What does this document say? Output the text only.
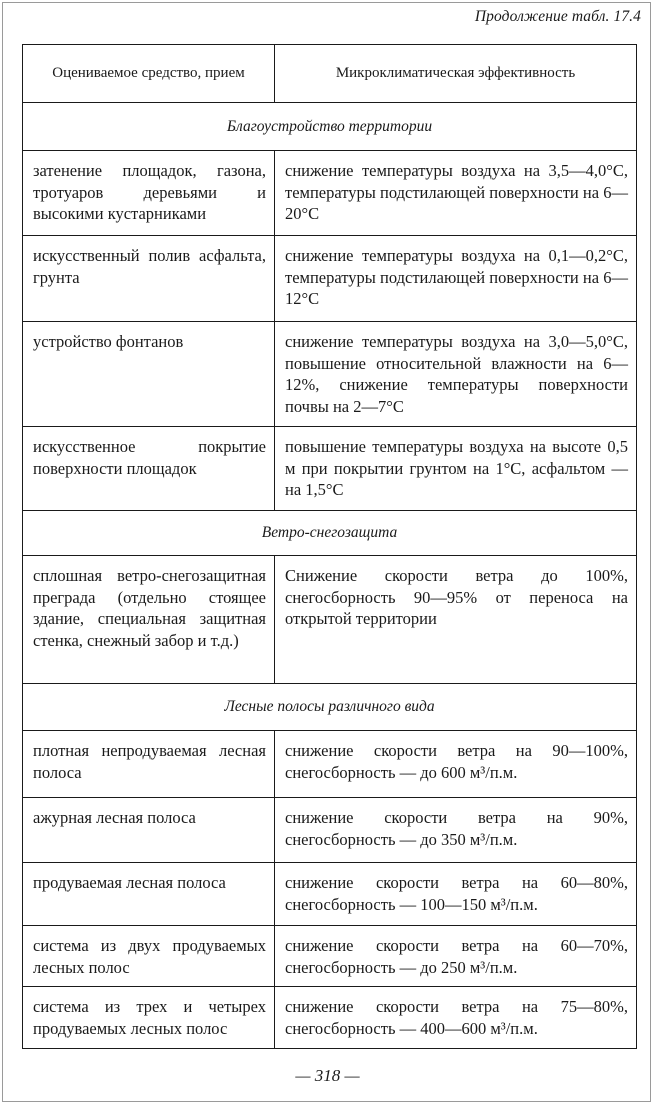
Продолжение табл. 17.4
Оцениваемое средство, прием	Микроклиматическая эффективность
Благоустройство территории	
затенение площадок, газона, тротуаров деревьями и высокими кустарниками	снижение температуры воздуха на 3,5—4,0°С, температуры подстилающей поверхности на 6—20°С
искусственный полив асфальта, грунта	снижение температуры воздуха на 0,1—0,2°С, температуры подстилающей поверхности на 6—12°С
устройство фонтанов	снижение температуры воздуха на 3,0—5,0°С, повышение относительной влажности на 6—12%, снижение температуры поверхности почвы на 2—7°С
искусственное покрытие поверхности площадок	повышение температуры воздуха на высоте 0,5 м при покрытии грунтом на 1°С, асфальтом — на 1,5°С
Ветро-снегозащита	
сплошная ветро-снегозащитная преграда (отдельно стоящее здание, специальная защитная стенка, снежный забор и т.д.)	Снижение скорости ветра до 100%, снегосборность 90—95% от переноса на открытой территории
Лесные полосы различного вида	
плотная непродуваемая лесная полоса	снижение скорости ветра на 90—100%, снегосборность — до 600 м³/п.м.
ажурная лесная полоса	снижение скорости ветра на 90%, снегосборность — до 350 м³/п.м.
продуваемая лесная полоса	снижение скорости ветра на 60—80%, снегосборность — 100—150 м³/п.м.
система из двух продуваемых лесных полос	снижение скорости ветра на 60—70%, снегосборность — до 250 м³/п.м.
система из трех и четырех продуваемых лесных полос	снижение скорости ветра на 75—80%, снегосборность — 400—600 м³/п.м.
— 318 —
